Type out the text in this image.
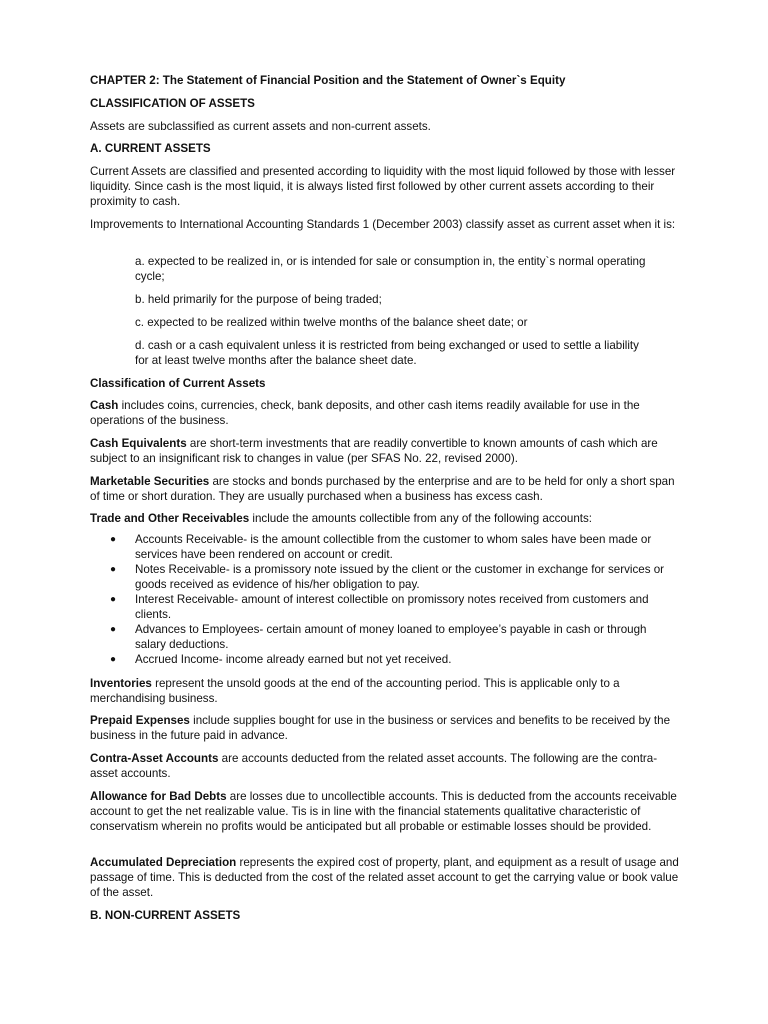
CHAPTER 2: The Statement of Financial Position and the Statement of Owner`s Equity
CLASSIFICATION OF ASSETS

Assets are subclassified as current assets and non-current assets.

A. CURRENT ASSETS

Current Assets are classified and presented according to liquidity with the most liquid followed by those with lesser liquidity. Since cash is the most liquid, it is always listed first followed by other current assets according to their proximity to cash.

Improvements to International Accounting Standards 1 (December 2003) classify asset as current asset when it is:

a. expected to be realized in, or is intended for sale or consumption in, the entity`s normal operating cycle;

b. held primarily for the purpose of being traded;

c. expected to be realized within twelve months of the balance sheet date; or

d. cash or a cash equivalent unless it is restricted from being exchanged or used to settle a liability for at least twelve months after the balance sheet date.

Classification of Current Assets

Cash includes coins, currencies, check, bank deposits, and other cash items readily available for use in the operations of the business.

Cash Equivalents are short-term investments that are readily convertible to known amounts of cash which are subject to an insignificant risk to changes in value (per SFAS No. 22, revised 2000).

Marketable Securities are stocks and bonds purchased by the enterprise and are to be held for only a short span of time or short duration. They are usually purchased when a business has excess cash.

Trade and Other Receivables include the amounts collectible from any of the following accounts:

● Accounts Receivable- is the amount collectible from the customer to whom sales have been made or services have been rendered on account or credit.
● Notes Receivable- is a promissory note issued by the client or the customer in exchange for services or goods received as evidence of his/her obligation to pay.
● Interest Receivable- amount of interest collectible on promissory notes received from customers and clients.
● Advances to Employees- certain amount of money loaned to employee’s payable in cash or through salary deductions.
● Accrued Income- income already earned but not yet received.

Inventories represent the unsold goods at the end of the accounting period. This is applicable only to a merchandising business.

Prepaid Expenses include supplies bought for use in the business or services and benefits to be received by the business in the future paid in advance.

Contra-Asset Accounts are accounts deducted from the related asset accounts. The following are the contra-asset accounts.

Allowance for Bad Debts are losses due to uncollectible accounts. This is deducted from the accounts receivable account to get the net realizable value. Tis is in line with the financial statements qualitative characteristic of conservatism wherein no profits would be anticipated but all probable or estimable losses should be provided.

Accumulated Depreciation represents the expired cost of property, plant, and equipment as a result of usage and passage of time. This is deducted from the cost of the related asset account to get the carrying value or book value of the asset.

B. NON-CURRENT ASSETS
